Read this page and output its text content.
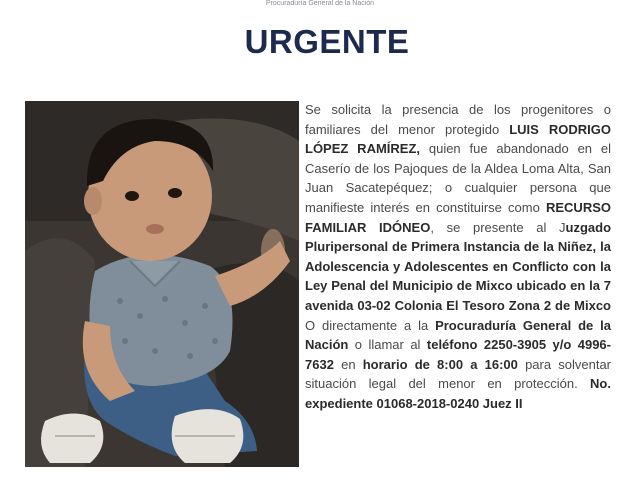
Procuraduría General de la Nación
URGENTE

Se solicita la presencia de los progenitores o familiares del menor protegido LUIS RODRIGO LÓPEZ RAMÍREZ, quien fue abandonado en el Caserío de los Pajoques de la Aldea Loma Alta, San Juan Sacatepéquez; o cualquier persona que manifieste interés en constituirse como RECURSO FAMILIAR IDÓNEO, se presente al Juzgado Pluripersonal de Primera Instancia de la Niñez, la Adolescencia y Adolescentes en Conflicto con la Ley Penal del Municipio de Mixco ubicado en la 7 avenida 03-02 Colonia El Tesoro Zona 2 de Mixco O directamente a la Procuraduría General de la Nación o llamar al teléfono 2250-3905 y/o 4996-7632 en horario de 8:00 a 16:00 para solventar situación legal del menor en protección. No. expediente 01068-2018-0240 Juez II
